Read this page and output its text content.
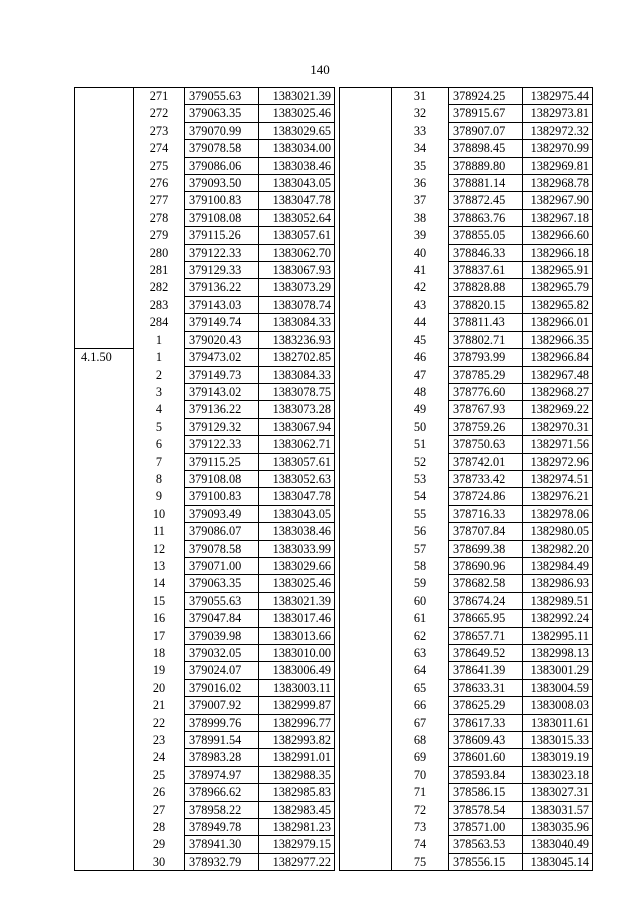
140
	271	379055.63	1383021.39
	272	379063.35	1383025.46
	273	379070.99	1383029.65
	274	379078.58	1383034.00
	275	379086.06	1383038.46
	276	379093.50	1383043.05
	277	379100.83	1383047.78
	278	379108.08	1383052.64
	279	379115.26	1383057.61
	280	379122.33	1383062.70
	281	379129.33	1383067.93
	282	379136.22	1383073.29
	283	379143.03	1383078.74
	284	379149.74	1383084.33
	1	379020.43	1383236.93
4.1.50	1	379473.02	1382702.85
	2	379149.73	1383084.33
	3	379143.02	1383078.75
	4	379136.22	1383073.28
	5	379129.32	1383067.94
	6	379122.33	1383062.71
	7	379115.25	1383057.61
	8	379108.08	1383052.63
	9	379100.83	1383047.78
	10	379093.49	1383043.05
	11	379086.07	1383038.46
	12	379078.58	1383033.99
	13	379071.00	1383029.66
	14	379063.35	1383025.46
	15	379055.63	1383021.39
	16	379047.84	1383017.46
	17	379039.98	1383013.66
	18	379032.05	1383010.00
	19	379024.07	1383006.49
	20	379016.02	1383003.11
	21	379007.92	1382999.87
	22	378999.76	1382996.77
	23	378991.54	1382993.82
	24	378983.28	1382991.01
	25	378974.97	1382988.35
	26	378966.62	1382985.83
	27	378958.22	1382983.45
	28	378949.78	1382981.23
	29	378941.30	1382979.15
	30	378932.79	1382977.22
	31	378924.25	1382975.44
	32	378915.67	1382973.81
	33	378907.07	1382972.32
	34	378898.45	1382970.99
	35	378889.80	1382969.81
	36	378881.14	1382968.78
	37	378872.45	1382967.90
	38	378863.76	1382967.18
	39	378855.05	1382966.60
	40	378846.33	1382966.18
	41	378837.61	1382965.91
	42	378828.88	1382965.79
	43	378820.15	1382965.82
	44	378811.43	1382966.01
	45	378802.71	1382966.35
	46	378793.99	1382966.84
	47	378785.29	1382967.48
	48	378776.60	1382968.27
	49	378767.93	1382969.22
	50	378759.26	1382970.31
	51	378750.63	1382971.56
	52	378742.01	1382972.96
	53	378733.42	1382974.51
	54	378724.86	1382976.21
	55	378716.33	1382978.06
	56	378707.84	1382980.05
	57	378699.38	1382982.20
	58	378690.96	1382984.49
	59	378682.58	1382986.93
	60	378674.24	1382989.51
	61	378665.95	1382992.24
	62	378657.71	1382995.11
	63	378649.52	1382998.13
	64	378641.39	1383001.29
	65	378633.31	1383004.59
	66	378625.29	1383008.03
	67	378617.33	1383011.61
	68	378609.43	1383015.33
	69	378601.60	1383019.19
	70	378593.84	1383023.18
	71	378586.15	1383027.31
	72	378578.54	1383031.57
	73	378571.00	1383035.96
	74	378563.53	1383040.49
	75	378556.15	1383045.14
